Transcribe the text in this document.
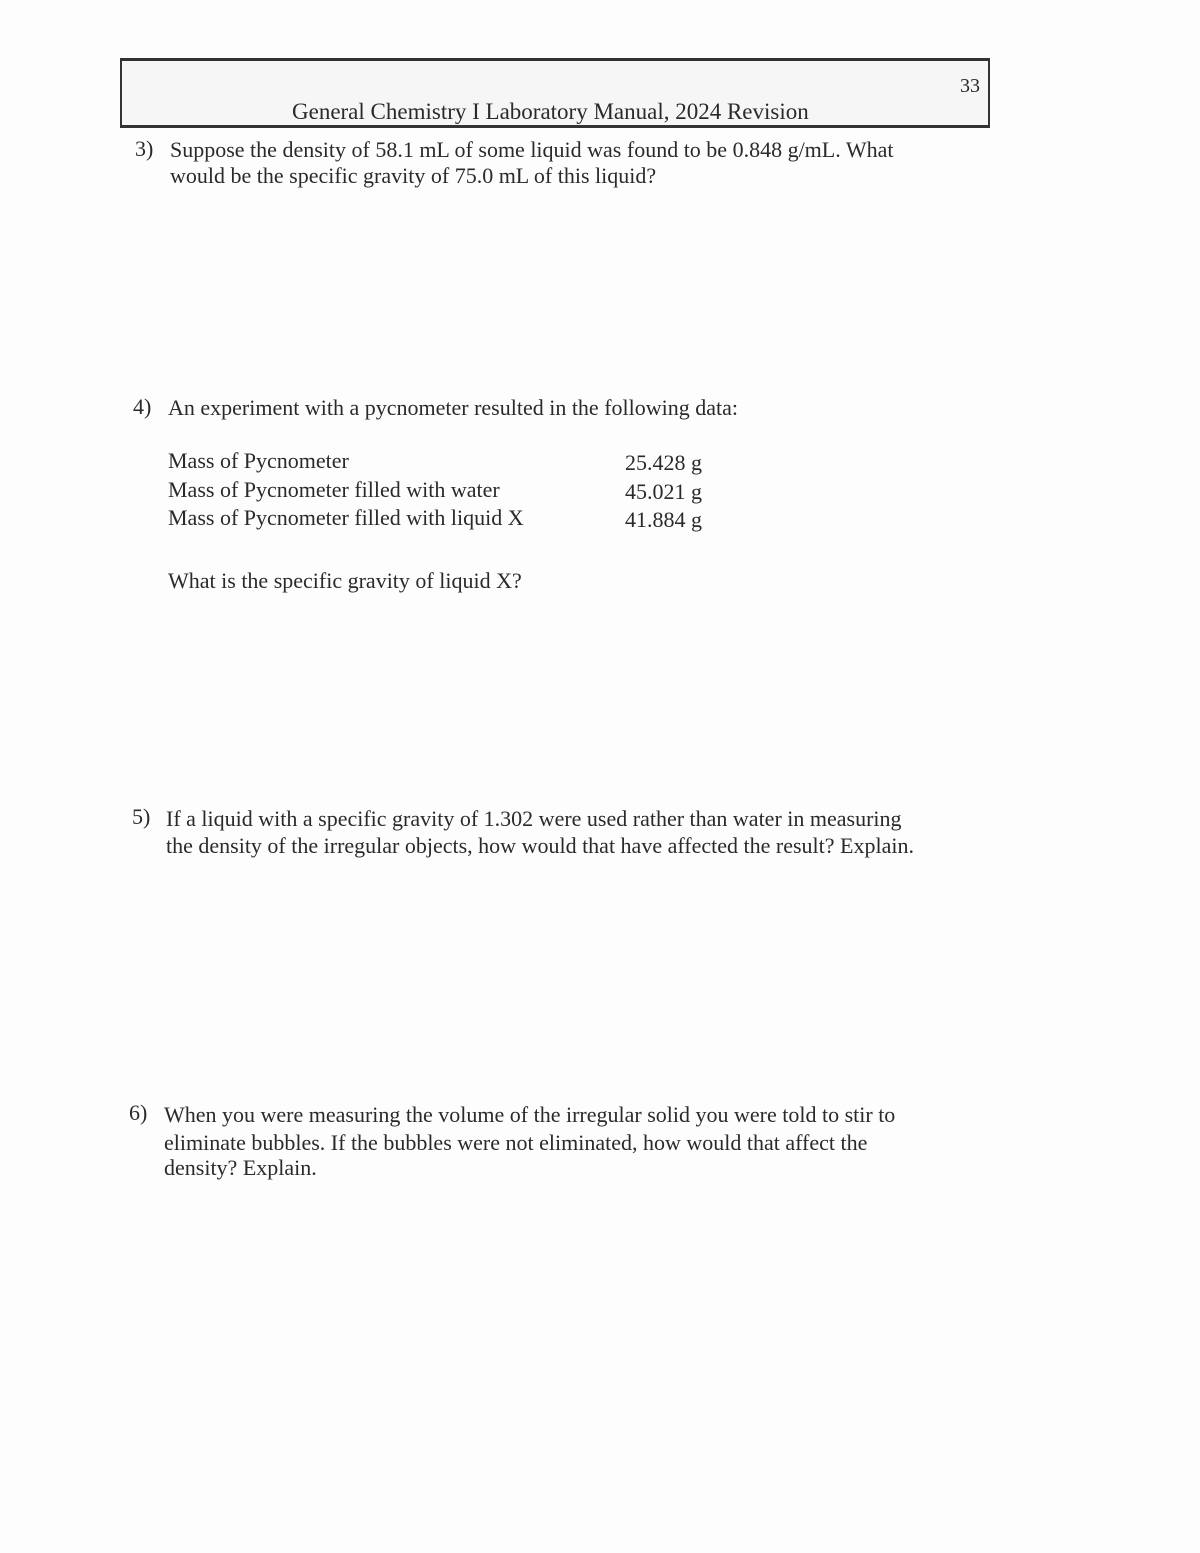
33
General Chemistry I Laboratory Manual, 2024 Revision
3) Suppose the density of 58.1 mL of some liquid was found to be 0.848 g/mL. What
would be the specific gravity of 75.0 mL of this liquid?
4) An experiment with a pycnometer resulted in the following data:
Mass of Pycnometer	25.428 g
Mass of Pycnometer filled with water	45.021 g
Mass of Pycnometer filled with liquid X	41.884 g
What is the specific gravity of liquid X?
5) If a liquid with a specific gravity of 1.302 were used rather than water in measuring
the density of the irregular objects, how would that have affected the result? Explain.
6) When you were measuring the volume of the irregular solid you were told to stir to
eliminate bubbles. If the bubbles were not eliminated, how would that affect the
density? Explain.
